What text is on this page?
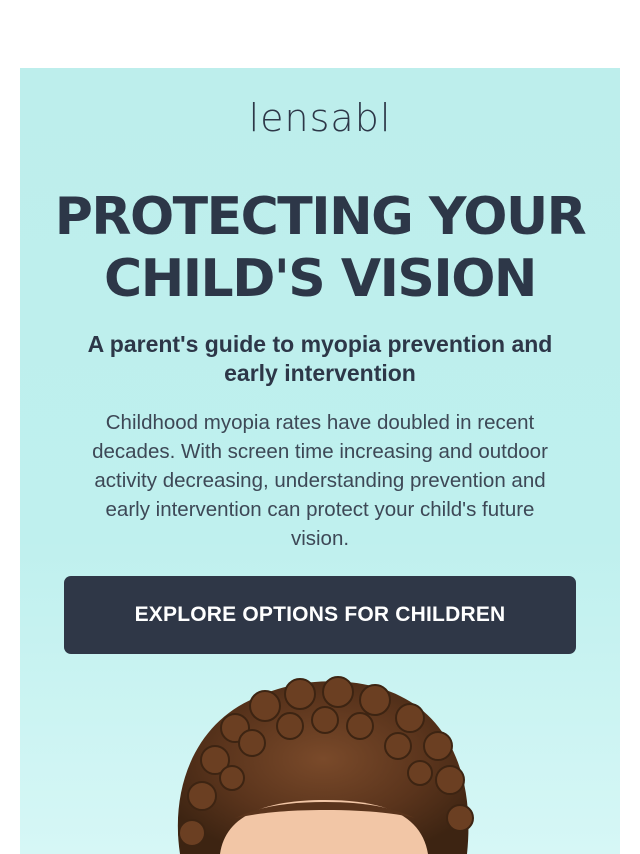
lensabl
PROTECTING YOUR
CHILD'S VISION

A parent's guide to myopia prevention and early intervention

Childhood myopia rates have doubled in recent decades. With screen time increasing and outdoor activity decreasing, understanding prevention and early intervention can protect your child's future vision.

EXPLORE OPTIONS FOR CHILDREN
